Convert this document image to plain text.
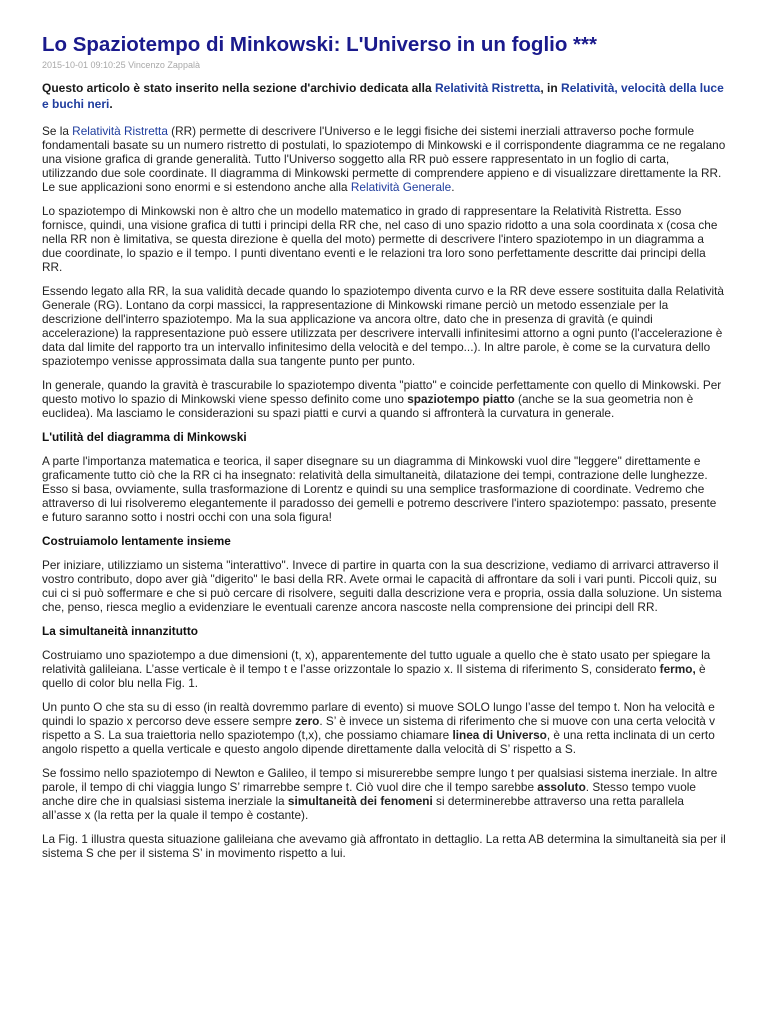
Lo Spaziotempo di Minkowski: L'Universo in un foglio ***
2015-10-01 09:10:25 Vincenzo Zappalà

Questo articolo è stato inserito nella sezione d'archivio dedicata alla Relatività Ristretta, in Relatività, velocità della luce e buchi neri.

Se la Relatività Ristretta (RR) permette di descrivere l'Universo e le leggi fisiche dei sistemi inerziali attraverso poche formule fondamentali basate su un numero ristretto di postulati, lo spaziotempo di Minkowski e il corrispondente diagramma ce ne regalano una visione grafica di grande generalità. Tutto l'Universo soggetto alla RR può essere rappresentato in un foglio di carta, utilizzando due sole coordinate. Il diagramma di Minkowski permette di comprendere appieno e di visualizzare direttamente la RR. Le sue applicazioni sono enormi e si estendono anche alla Relatività Generale.

Lo spaziotempo di Minkowski non è altro che un modello matematico in grado di rappresentare la Relatività Ristretta. Esso fornisce, quindi, una visione grafica di tutti i principi della RR che, nel caso di uno spazio ridotto a una sola coordinata x (cosa che nella RR non è limitativa, se questa direzione è quella del moto) permette di descrivere l'intero spaziotempo in un diagramma a due coordinate, lo spazio e il tempo. I punti diventano eventi e le relazioni tra loro sono perfettamente descritte dai principi della RR.

Essendo legato alla RR, la sua validità decade quando lo spaziotempo diventa curvo e la RR deve essere sostituita dalla Relatività Generale (RG). Lontano da corpi massicci, la rappresentazione di Minkowski rimane perciò un metodo essenziale per la descrizione dell'interro spaziotempo. Ma la sua applicazione va ancora oltre, dato che in presenza di gravità (e quindi accelerazione) la rappresentazione può essere utilizzata per descrivere intervalli infinitesimi attorno a ogni punto (l'accelerazione è data dal limite del rapporto tra un intervallo infinitesimo della velocità e del tempo...). In altre parole, è come se la curvatura dello spaziotempo venisse approssimata dalla sua tangente punto per punto.

In generale, quando la gravità è trascurabile lo spaziotempo diventa "piatto" e coincide perfettamente con quello di Minkowski. Per questo motivo lo spazio di Minkowski viene spesso definito come uno spaziotempo piatto (anche se la sua geometria non è euclidea). Ma lasciamo le considerazioni su spazi piatti e curvi a quando si affronterà la curvatura in generale.

L'utilità del diagramma di Minkowski

A parte l'importanza matematica e teorica, il saper disegnare su un diagramma di Minkowski vuol dire "leggere" direttamente e graficamente tutto ciò che la RR ci ha insegnato: relatività della simultaneità, dilatazione dei tempi, contrazione delle lunghezze. Esso si basa, ovviamente, sulla trasformazione di Lorentz e quindi su una semplice trasformazione di coordinate. Vedremo che attraverso di lui risolveremo elegantemente il paradosso dei gemelli e potremo descrivere l'intero spaziotempo: passato, presente e futuro saranno sotto i nostri occhi con una sola figura!

Costruiamolo lentamente insieme

Per iniziare, utilizziamo un sistema "interattivo". Invece di partire in quarta con la sua descrizione, vediamo di arrivarci attraverso il vostro contributo, dopo aver già "digerito" le basi della RR. Avete ormai le capacità di affrontare da soli i vari punti. Piccoli quiz, su cui ci si può soffermare e che si può cercare di risolvere, seguiti dalla descrizione vera e propria, ossia dalla soluzione. Un sistema che, penso, riesca meglio a evidenziare le eventuali carenze ancora nascoste nella comprensione dei principi dell RR.

La simultaneità innanzitutto

Costruiamo uno spaziotempo a due dimensioni (t, x), apparentemente del tutto uguale a quello che è stato usato per spiegare la relatività galileiana. L’asse verticale è il tempo t e l’asse orizzontale lo spazio x. Il sistema di riferimento S, considerato fermo, è quello di color blu nella Fig. 1.

Un punto O che sta su di esso (in realtà dovremmo parlare di evento) si muove SOLO lungo l’asse del tempo t. Non ha velocità e quindi lo spazio x percorso deve essere sempre zero. S’ è invece un sistema di riferimento che si muove con una certa velocità v rispetto a S. La sua traiettoria nello spaziotempo (t,x), che possiamo chiamare linea di Universo, è una retta inclinata di un certo angolo rispetto a quella verticale e questo angolo dipende direttamente dalla velocità di S’ rispetto a S.

Se fossimo nello spaziotempo di Newton e Galileo, il tempo si misurerebbe sempre lungo t per qualsiasi sistema inerziale. In altre parole, il tempo di chi viaggia lungo S’ rimarrebbe sempre t. Ciò vuol dire che il tempo sarebbe assoluto. Stesso tempo vuole anche dire che in qualsiasi sistema inerziale la simultaneità dei fenomeni si determinerebbe attraverso una retta parallela all’asse x (la retta per la quale il tempo è costante).

La Fig. 1 illustra questa situazione galileiana che avevamo già affrontato in dettaglio. La retta AB determina la simultaneità sia per il sistema S che per il sistema S’ in movimento rispetto a lui.
